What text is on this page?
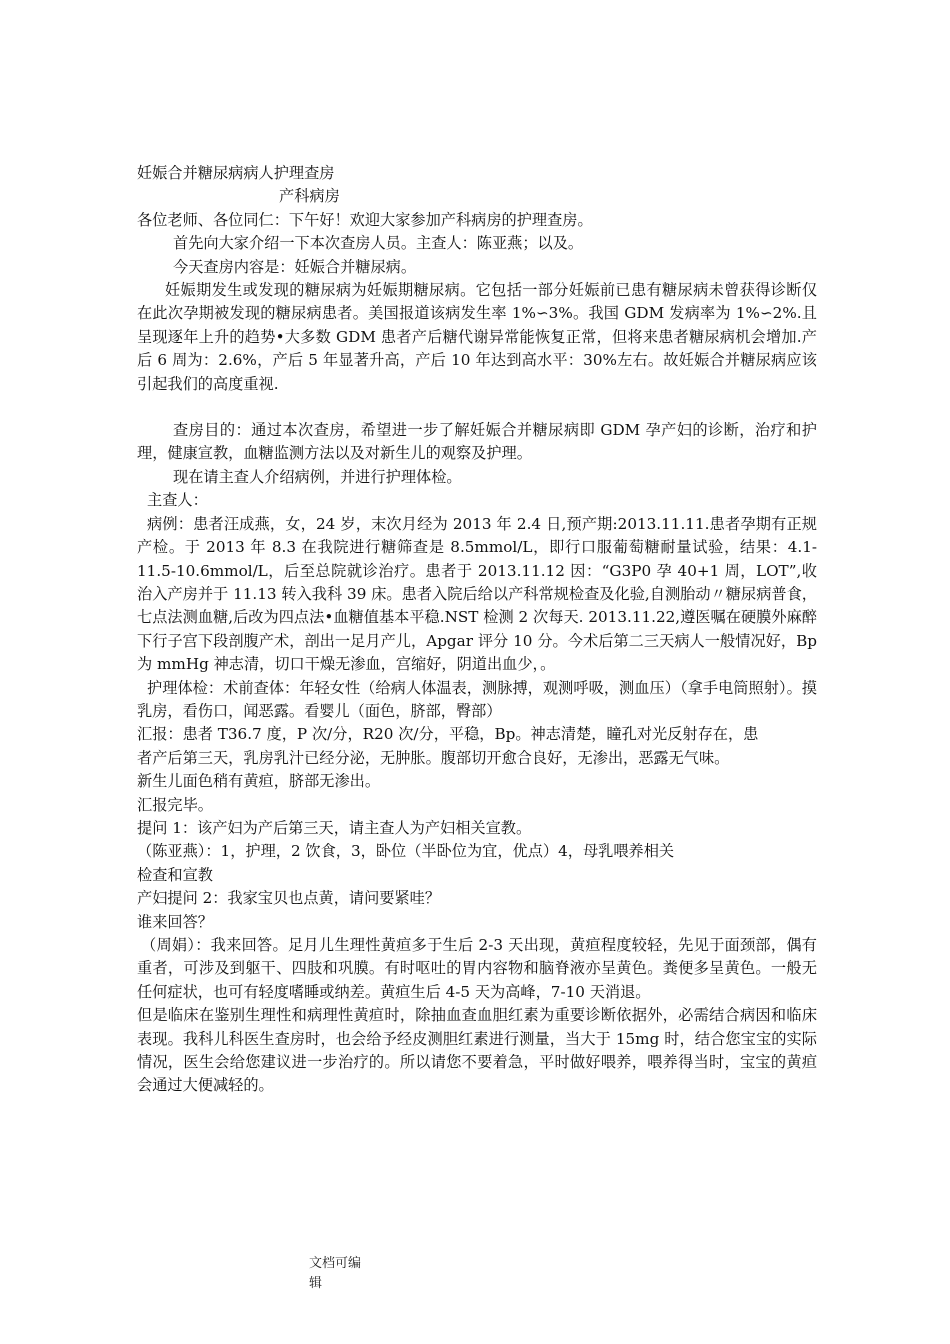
妊娠合并糖尿病病人护理查房
产科病房
各位老师、各位同仁：下午好！欢迎大家参加产科病房的护理查房。
首先向大家介绍一下本次查房人员。主查人：陈亚燕；以及。
今天查房内容是：妊娠合并糖尿病。

妊娠期发生或发现的糖尿病为妊娠期糖尿病。它包括一部分妊娠前已患有糖尿病未曾获得诊断仅在此次孕期被发现的糖尿病患者。美国报道该病发生率 1%∽3%。我国 GDM 发病率为 1%∽2%.且呈现逐年上升的趋势•大多数 GDM 患者产后糖代谢异常能恢复正常，但将来患者糖尿病机会增加.产后 6 周为：2.6%，产后 5 年显著升高，产后 10 年达到高水平：30%左右。故妊娠合并糖尿病应该引起我们的高度重视.

查房目的：通过本次查房，希望进一步了解妊娠合并糖尿病即 GDM 孕产妇的诊断，治疗和护理，健康宣教，血糖监测方法以及对新生儿的观察及护理。

现在请主查人介绍病例，并进行护理体检。
主查人：

病例：患者汪成燕，女，24 岁，末次月经为 2013 年 2.4 日,预产期:2013.11.11.患者孕期有正规产检。于 2013 年 8.3 在我院进行糖筛查是 8.5mmol/L，即行口服葡萄糖耐量试验，结果：4.1-11.5-10.6mmol/L，后至总院就诊治疗。患者于 2013.11.12 因：“G3P0 孕 40+1 周，LOT”,收治入产房并于 11.13 转入我科 39 床。患者入院后给以产科常规检查及化验,自测胎动〃糖尿病普食，七点法测血糖,后改为四点法•血糖值基本平稳.NST 检测 2 次每天. 2013.11.22,遵医嘱在硬膜外麻醉下行子宫下段剖腹产术，剖出一足月产儿，Apgar 评分 10 分。今术后第二三天病人一般情况好，Bp 为 mmHg 神志清，切口干燥无渗血，宫缩好，阴道出血少，。

护理体检：术前查体：年轻女性（给病人体温表，测脉搏，观测呼吸，测血压）（拿手电筒照射）。摸乳房，看伤口，闻恶露。看婴儿（面色，脐部，臀部）

汇报：患者 T36.7 度，P 次/分，R20 次/分，平稳，Bp。神志清楚，瞳孔对光反射存在，患
者产后第三天，乳房乳汁已经分泌，无肿胀。腹部切开愈合良好，无渗出，恶露无气味。
新生儿面色稍有黄疸，脐部无渗出。
汇报完毕。
提问 1：该产妇为产后第三天，请主查人为产妇相关宣教。
（陈亚燕）：1，护理，2 饮食，3，卧位（半卧位为宜，优点）4，母乳喂养相关
检查和宣教
产妇提问 2：我家宝贝也点黄，请问要紧哇？
谁来回答？

（周娟）：我来回答。足月儿生理性黄疸多于生后 2-3 天出现，黄疸程度较轻，先见于面颈部，偶有重者，可涉及到躯干、四肢和巩膜。有时呕吐的胃内容物和脑脊液亦呈黄色。粪便多呈黄色。一般无任何症状，也可有轻度嗜睡或纳差。黄疸生后 4-5 天为高峰，7-10 天消退。

但是临床在鉴别生理性和病理性黄疸时，除抽血查血胆红素为重要诊断依据外，必需结合病因和临床表现。我科儿科医生查房时，也会给予经皮测胆红素进行测量，当大于 15mg 时，结合您宝宝的实际情况，医生会给您建议进一步治疗的。所以请您不要着急，平时做好喂养，喂养得当时，宝宝的黄疸会通过大便减轻的。

文档可编辑
